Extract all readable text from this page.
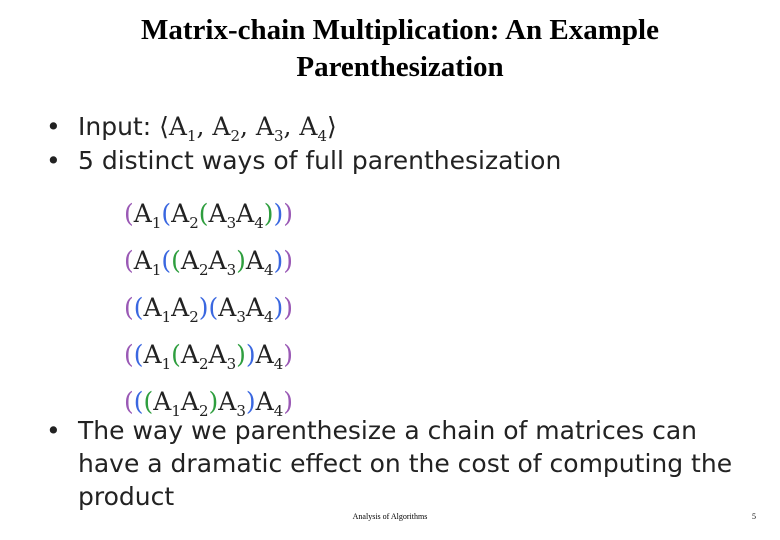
Matrix-chain Multiplication: An Example
Parenthesization
• Input: $⟨A_1$, $A_2$, $A_3$, $A_4⟩$
• 5 distinct ways of full parenthesization
$(A_1(A_2(A_3A_4)))$
$(A_1((A_2A_3)A_4))$
$((A_1A_2)(A_3A_4))$
$((A_1(A_2A_3))A_4)$
$(((A_1A_2)A_3)A_4)$
• The way we parenthesize a chain of matrices can have a dramatic effect on the cost of computing the product
Analysis of Algorithms	5
